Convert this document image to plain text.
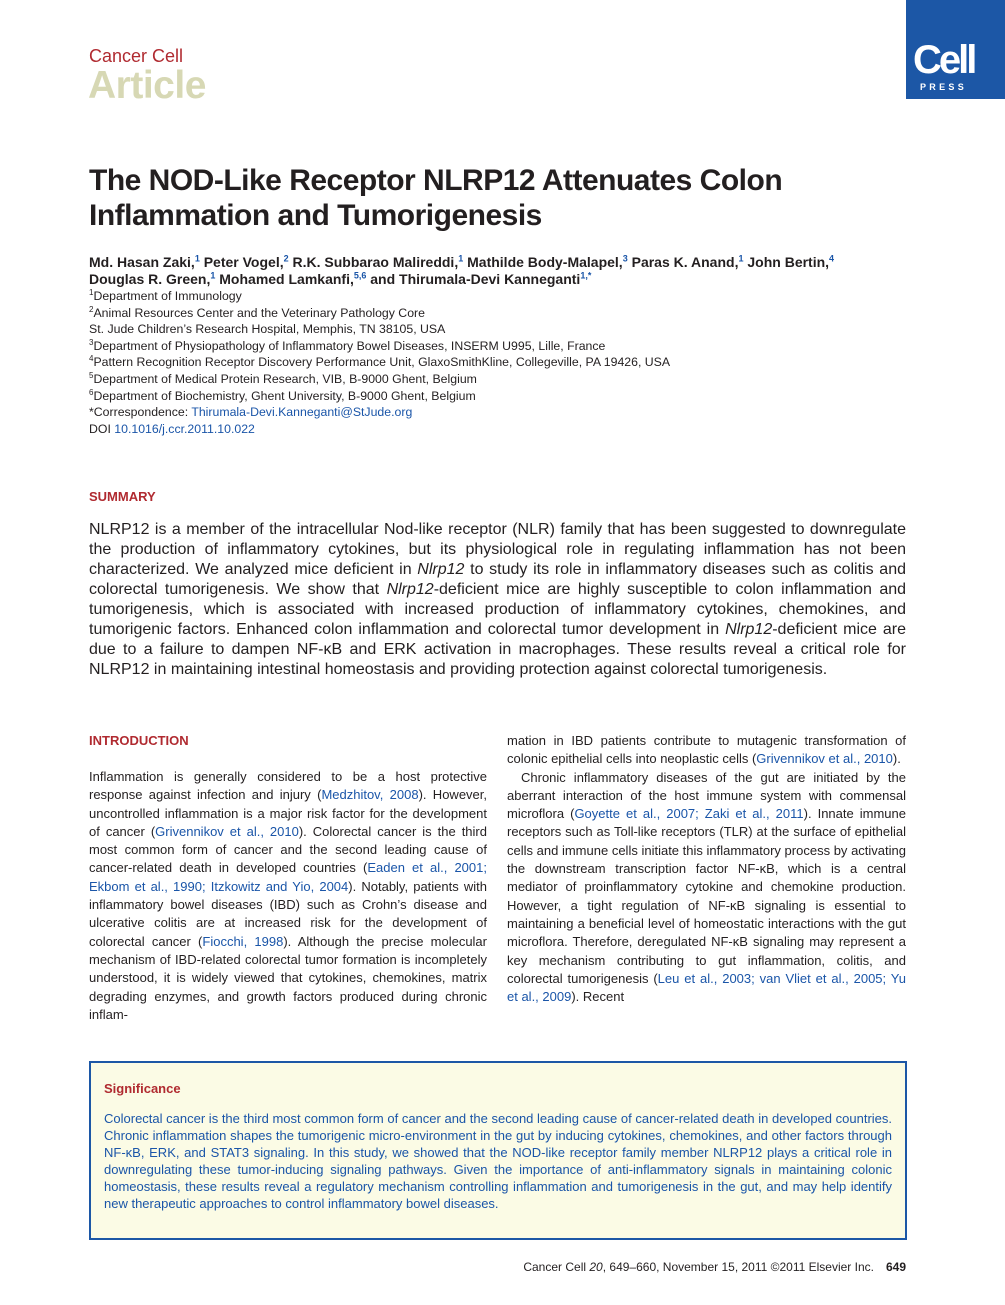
Cancer Cell
Article
Cell
PRESS
The NOD-Like Receptor NLRP12 Attenuates Colon Inflammation and Tumorigenesis
Md. Hasan Zaki,$^1$ Peter Vogel,$^2$ R.K. Subbarao Malireddi,$^1$ Mathilde Body-Malapel,$^3$ Paras K. Anand,$^1$ John Bertin,$^4$
Douglas R. Green,$^1$ Mohamed Lamkanfi,$^{5,6}$ and Thirumala-Devi Kanneganti$^{1,*}$
$^1$Department of Immunology
$^2$Animal Resources Center and the Veterinary Pathology Core
St. Jude Children’s Research Hospital, Memphis, TN 38105, USA
$^3$Department of Physiopathology of Inflammatory Bowel Diseases, INSERM U995, Lille, France
$^4$Pattern Recognition Receptor Discovery Performance Unit, GlaxoSmithKline, Collegeville, PA 19426, USA
$^5$Department of Medical Protein Research, VIB, B-9000 Ghent, Belgium
$^6$Department of Biochemistry, Ghent University, B-9000 Ghent, Belgium
*Correspondence: Thirumala-Devi.Kanneganti@StJude.org
DOI 10.1016/j.ccr.2011.10.022
SUMMARY
NLRP12 is a member of the intracellular Nod-like receptor (NLR) family that has been suggested to downregulate the production of inflammatory cytokines, but its physiological role in regulating inflammation has not been characterized. We analyzed mice deficient in Nlrp12 to study its role in inflammatory diseases such as colitis and colorectal tumorigenesis. We show that Nlrp12-deficient mice are highly susceptible to colon inflammation and tumorigenesis, which is associated with increased production of inflammatory cytokines, chemokines, and tumorigenic factors. Enhanced colon inflammation and colorectal tumor development in Nlrp12-deficient mice are due to a failure to dampen NF-κB and ERK activation in macrophages. These results reveal a critical role for NLRP12 in maintaining intestinal homeostasis and providing protection against colorectal tumorigenesis.
INTRODUCTION

Inflammation is generally considered to be a host protective response against infection and injury (Medzhitov, 2008). However, uncontrolled inflammation is a major risk factor for the development of cancer (Grivennikov et al., 2010). Colorectal cancer is the third most common form of cancer and the second leading cause of cancer-related death in developed countries (Eaden et al., 2001; Ekbom et al., 1990; Itzkowitz and Yio, 2004). Notably, patients with inflammatory bowel diseases (IBD) such as Crohn’s disease and ulcerative colitis are at increased risk for the development of colorectal cancer (Fiocchi, 1998). Although the precise molecular mechanism of IBD-related colorectal tumor formation is incompletely understood, it is widely viewed that cytokines, chemokines, matrix degrading enzymes, and growth factors produced during chronic inflam-

mation in IBD patients contribute to mutagenic transformation of colonic epithelial cells into neoplastic cells (Grivennikov et al., 2010).

Chronic inflammatory diseases of the gut are initiated by the aberrant interaction of the host immune system with commensal microflora (Goyette et al., 2007; Zaki et al., 2011). Innate immune receptors such as Toll-like receptors (TLR) at the surface of epithelial cells and immune cells initiate this inflammatory process by activating the downstream transcription factor NF-κB, which is a central mediator of proinflammatory cytokine and chemokine production. However, a tight regulation of NF-κB signaling is essential to maintaining a beneficial level of homeostatic interactions with the gut microflora. Therefore, deregulated NF-κB signaling may represent a key mechanism contributing to gut inflammation, colitis, and colorectal tumorigenesis (Leu et al., 2003; van Vliet et al., 2005; Yu et al., 2009). Recent

Significance
Colorectal cancer is the third most common form of cancer and the second leading cause of cancer-related death in developed countries. Chronic inflammation shapes the tumorigenic micro-environment in the gut by inducing cytokines, chemokines, and other factors through NF-κB, ERK, and STAT3 signaling. In this study, we showed that the NOD-like receptor family member NLRP12 plays a critical role in downregulating these tumor-inducing signaling pathways. Given the importance of anti-inflammatory signals in maintaining colonic homeostasis, these results reveal a regulatory mechanism controlling inflammation and tumorigenesis in the gut, and may help identify new therapeutic approaches to control inflammatory bowel diseases.
Cancer Cell 20, 649–660, November 15, 2011 ©2011 Elsevier Inc. 649
